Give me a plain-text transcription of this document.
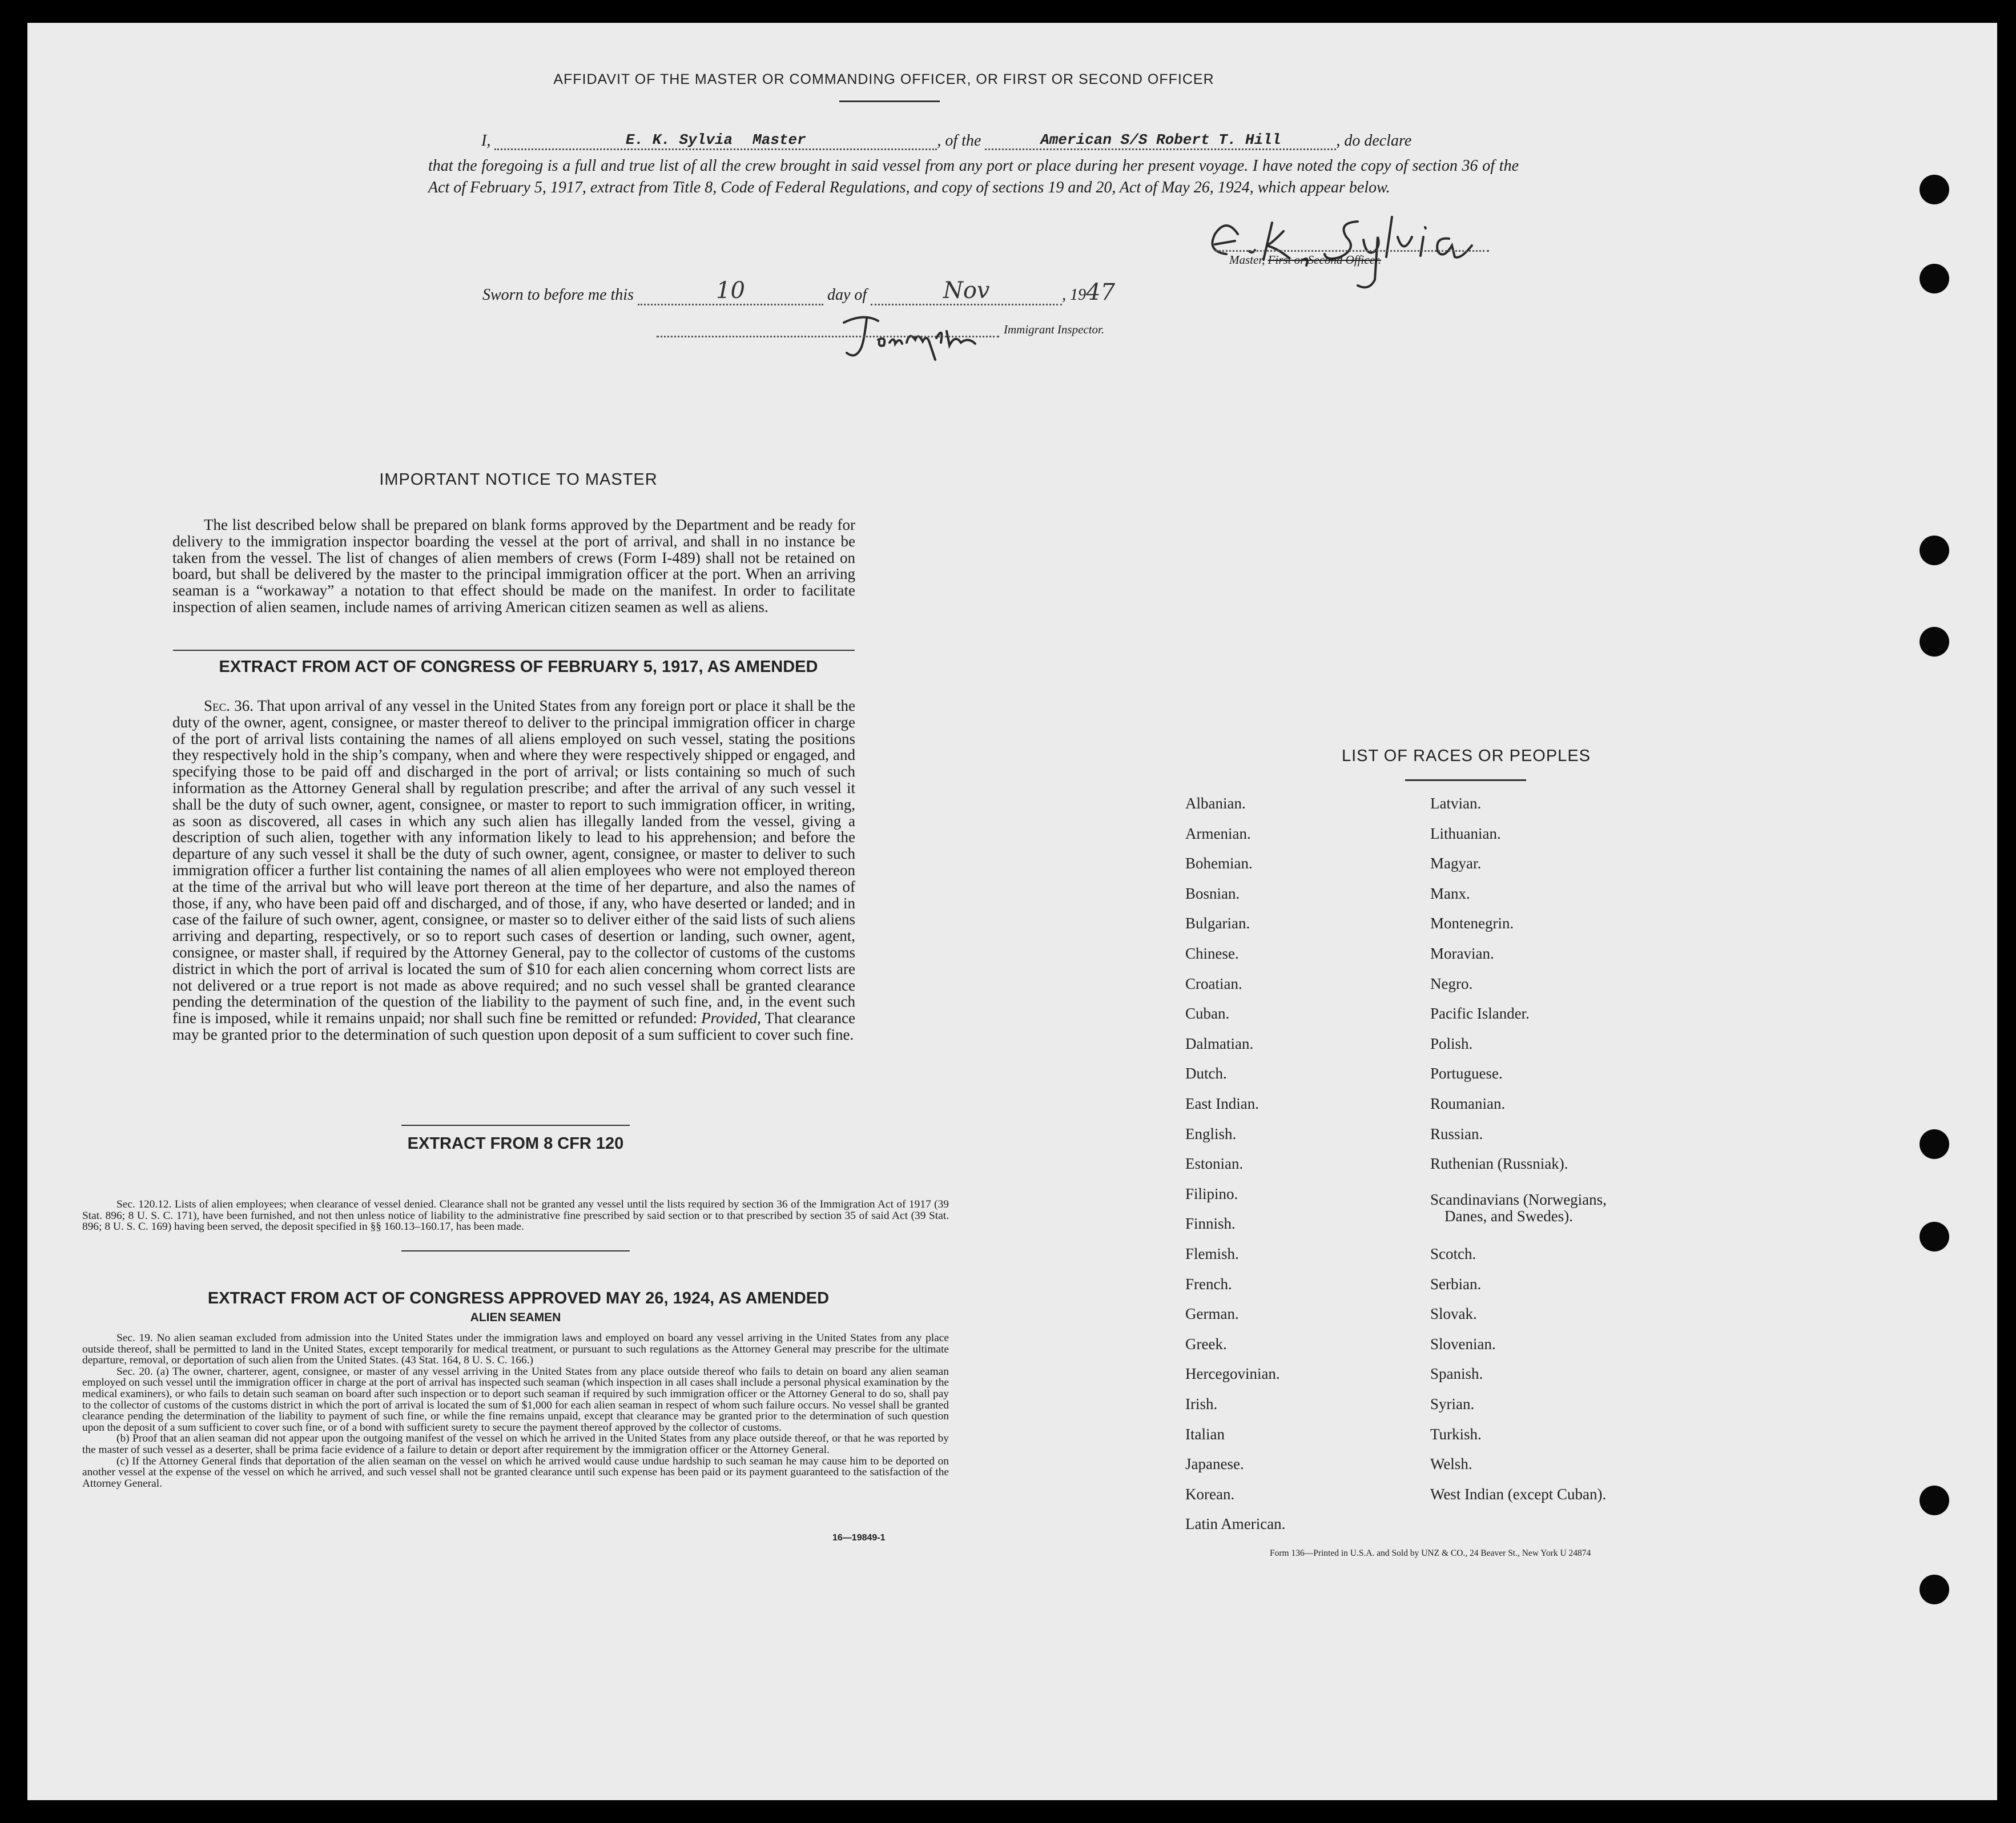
AFFIDAVIT OF THE MASTER OR COMMANDING OFFICER, OR FIRST OR SECOND OFFICER
I,	E. K. Sylvia Master	, of the	American S/S Robert T. Hill	, do declare
that the foregoing is a full and true list of all the crew brought in said vessel from any port or place during her present voyage. I have noted the copy of section 36 of the Act of February 5, 1917, extract from Title 8, Code of Federal Regulations, and copy of sections 19 and 20, Act of May 26, 1924, which appear below.
Master, First or Second Officer.
Sworn to before me this	10	day of	Nov	, 1947
Immigrant Inspector.
IMPORTANT NOTICE TO MASTER
The list described below shall be prepared on blank forms approved by the Department and be ready for delivery to the immigration inspector boarding the vessel at the port of arrival, and shall in no instance be taken from the vessel. The list of changes of alien members of crews (Form I-489) shall not be retained on board, but shall be delivered by the master to the principal immigration officer at the port. When an arriving seaman is a “workaway” a notation to that effect should be made on the manifest. In order to facilitate inspection of alien seamen, include names of arriving American citizen seamen as well as aliens.
EXTRACT FROM ACT OF CONGRESS OF FEBRUARY 5, 1917, AS AMENDED
Sec. 36. That upon arrival of any vessel in the United States from any foreign port or place it shall be the duty of the owner, agent, consignee, or master thereof to deliver to the principal immigration officer in charge of the port of arrival lists containing the names of all aliens employed on such vessel, stating the positions they respectively hold in the ship’s company, when and where they were respectively shipped or engaged, and specifying those to be paid off and discharged in the port of arrival; or lists containing so much of such information as the Attorney General shall by regulation prescribe; and after the arrival of any such vessel it shall be the duty of such owner, agent, consignee, or master to report to such immigration officer, in writing, as soon as discovered, all cases in which any such alien has illegally landed from the vessel, giving a description of such alien, together with any information likely to lead to his apprehension; and before the departure of any such vessel it shall be the duty of such owner, agent, consignee, or master to deliver to such immigration officer a further list containing the names of all alien employees who were not employed thereon at the time of the arrival but who will leave port thereon at the time of her departure, and also the names of those, if any, who have been paid off and discharged, and of those, if any, who have deserted or landed; and in case of the failure of such owner, agent, consignee, or master so to deliver either of the said lists of such aliens arriving and departing, respectively, or so to report such cases of desertion or landing, such owner, agent, consignee, or master shall, if required by the Attorney General, pay to the collector of customs of the customs district in which the port of arrival is located the sum of $10 for each alien concerning whom correct lists are not delivered or a true report is not made as above required; and no such vessel shall be granted clearance pending the determination of the question of the liability to the payment of such fine, and, in the event such fine is imposed, while it remains unpaid; nor shall such fine be remitted or refunded: Provided, That clearance may be granted prior to the determination of such question upon deposit of a sum sufficient to cover such fine.
EXTRACT FROM 8 CFR 120
Sec. 120.12. Lists of alien employees; when clearance of vessel denied. Clearance shall not be granted any vessel until the lists required by section 36 of the Immigration Act of 1917 (39 Stat. 896; 8 U. S. C. 171), have been furnished, and not then unless notice of liability to the administrative fine prescribed by said section or to that prescribed by section 35 of said Act (39 Stat. 896; 8 U. S. C. 169) having been served, the deposit specified in §§ 160.13–160.17, has been made.
EXTRACT FROM ACT OF CONGRESS APPROVED MAY 26, 1924, AS AMENDED
ALIEN SEAMEN
Sec. 19. No alien seaman excluded from admission into the United States under the immigration laws and employed on board any vessel arriving in the United States from any place outside thereof, shall be permitted to land in the United States, except temporarily for medical treatment, or pursuant to such regulations as the Attorney General may prescribe for the ultimate departure, removal, or deportation of such alien from the United States. (43 Stat. 164, 8 U. S. C. 166.)
Sec. 20. (a) The owner, charterer, agent, consignee, or master of any vessel arriving in the United States from any place outside thereof who fails to detain on board any alien seaman employed on such vessel until the immigration officer in charge at the port of arrival has inspected such seaman (which inspection in all cases shall include a personal physical examination by the medical examiners), or who fails to detain such seaman on board after such inspection or to deport such seaman if required by such immigration officer or the Attorney General to do so, shall pay to the collector of customs of the customs district in which the port of arrival is located the sum of $1,000 for each alien seaman in respect of whom such failure occurs. No vessel shall be granted clearance pending the determination of the liability to payment of such fine, or while the fine remains unpaid, except that clearance may be granted prior to the determination of such question upon the deposit of a sum sufficient to cover such fine, or of a bond with sufficient surety to secure the payment thereof approved by the collector of customs.
(b) Proof that an alien seaman did not appear upon the outgoing manifest of the vessel on which he arrived in the United States from any place outside thereof, or that he was reported by the master of such vessel as a deserter, shall be prima facie evidence of a failure to detain or deport after requirement by the immigration officer or the Attorney General.
(c) If the Attorney General finds that deportation of the alien seaman on the vessel on which he arrived would cause undue hardship to such seaman he may cause him to be deported on another vessel at the expense of the vessel on which he arrived, and such vessel shall not be granted clearance until such expense has been paid or its payment guaranteed to the satisfaction of the Attorney General.
16—19849-1
LIST OF RACES OR PEOPLES
Scandinavians (Norwegians,
Danes, and Swedes).
Form 136—Printed in U.S.A. and Sold by UNZ & CO., 24 Beaver St., New York U 24874
Albanian.
Armenian.
Bohemian.
Bosnian.
Bulgarian.
Chinese.
Croatian.
Cuban.
Dalmatian.
Dutch.
East Indian.
English.
Estonian.
Filipino.
Finnish.
Flemish.
French.
German.
Greek.
Hercegovinian.
Irish.
Italian
Japanese.
Korean.
Latin American.
Latvian.
Lithuanian.
Magyar.
Manx.
Montenegrin.
Moravian.
Negro.
Pacific Islander.
Polish.
Portuguese.
Roumanian.
Russian.
Ruthenian (Russniak).
Scotch.
Serbian.
Slovak.
Slovenian.
Spanish.
Syrian.
Turkish.
Welsh.
West Indian (except Cuban).
